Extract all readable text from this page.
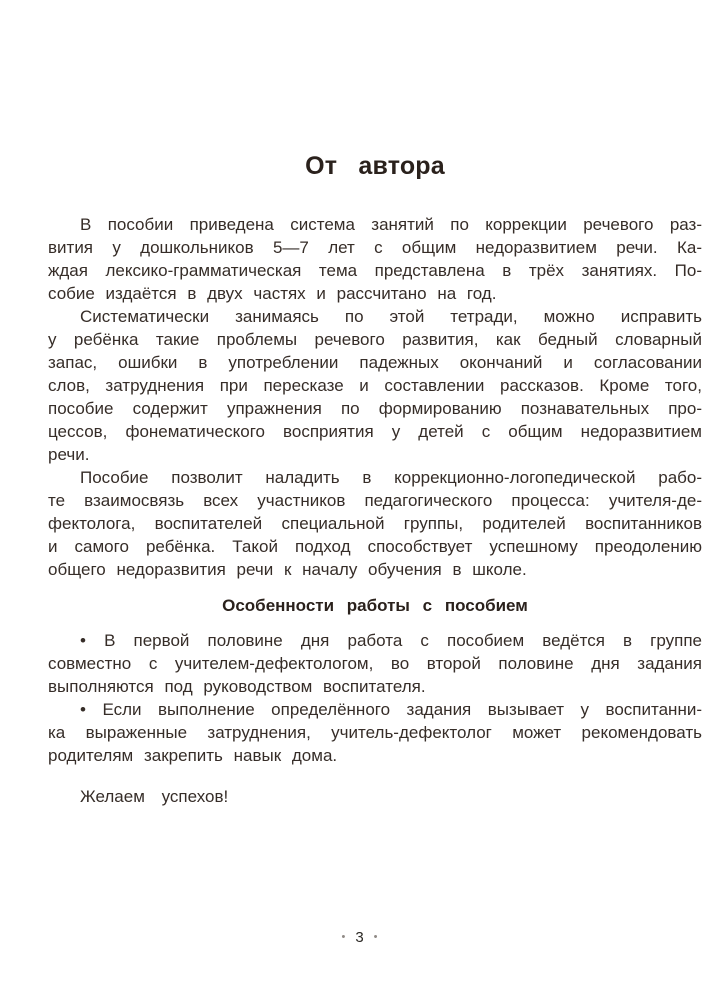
От автора
В пособии приведена система занятий по коррекции речевого раз-
вития у дошкольников 5—7 лет с общим недоразвитием речи. Ка-
ждая лексико-грамматическая тема представлена в трёх занятиях. По-
собие издаётся в двух частях и рассчитано на год.
Систематически занимаясь по этой тетради, можно исправить
у ребёнка такие проблемы речевого развития, как бедный словарный
запас, ошибки в употреблении падежных окончаний и согласовании
слов, затруднения при пересказе и составлении рассказов. Кроме того,
пособие содержит упражнения по формированию познавательных про-
цессов, фонематического восприятия у детей с общим недоразвитием
речи.
Пособие позволит наладить в коррекционно-логопедической рабо-
те взаимосвязь всех участников педагогического процесса: учителя-де-
фектолога, воспитателей специальной группы, родителей воспитанников
и самого ребёнка. Такой подход способствует успешному преодолению
общего недоразвития речи к началу обучения в школе.
Особенности работы с пособием
• В первой половине дня работа с пособием ведётся в группе
совместно с учителем-дефектологом, во второй половине дня задания
выполняются под руководством воспитателя.
• Если выполнение определённого задания вызывает у воспитанни-
ка выраженные затруднения, учитель-дефектолог может рекомендовать
родителям закрепить навык дома.
Желаем успехов!
• 3 •
